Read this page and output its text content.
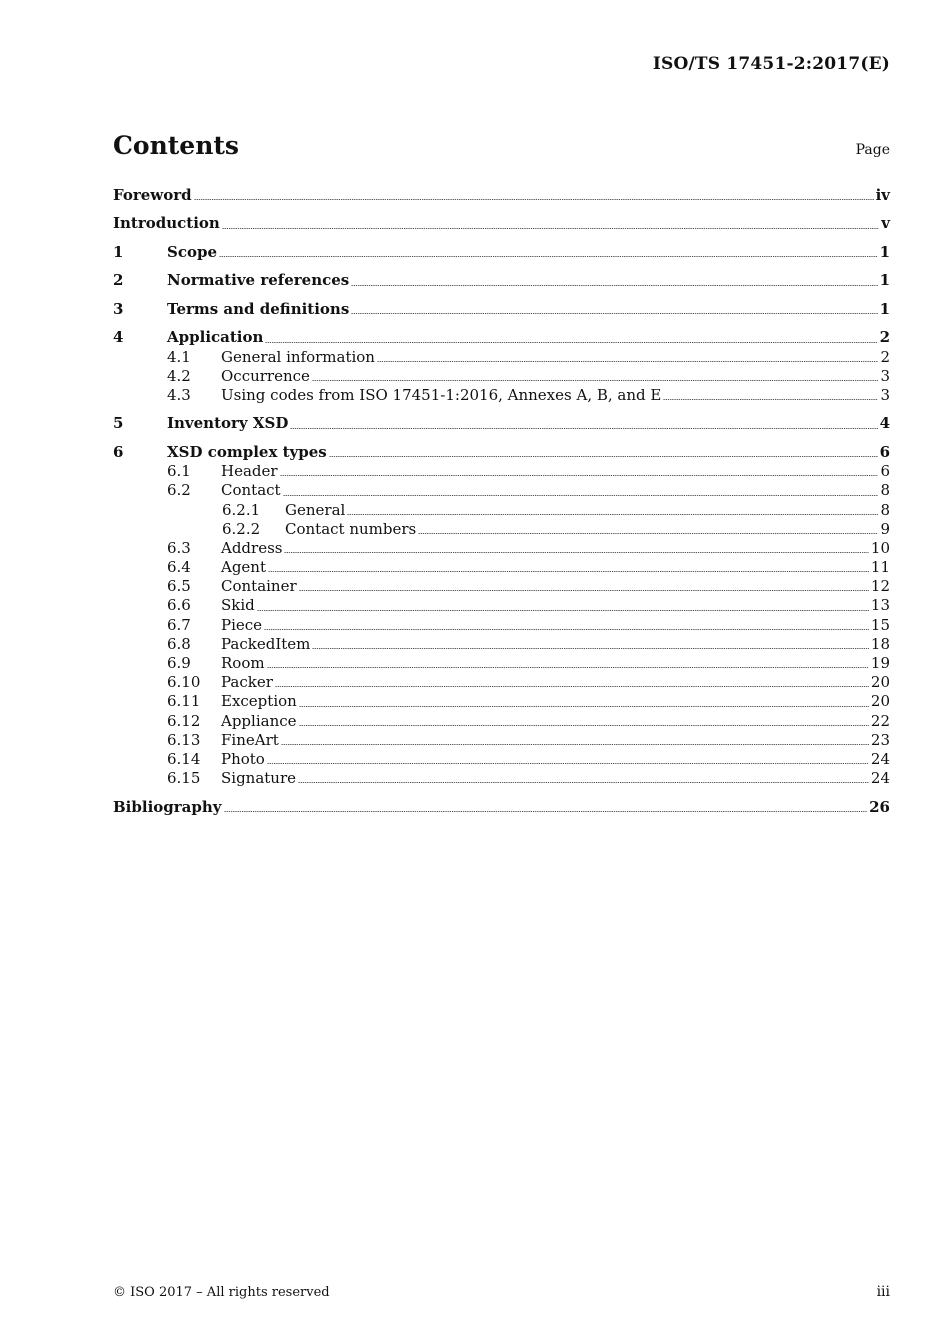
ISO/TS 17451-2:2017(E)
Contents	Page
Foreword	iv
Introduction	v
1	Scope	1
2	Normative references	1
3	Terms and definitions	1
4	Application	2
4.1	General information	2
4.2	Occurrence	3
4.3	Using codes from ISO 17451-1:2016, Annexes A, B, and E	3
5	Inventory XSD	4
6	XSD complex types	6
6.1	Header	6
6.2	Contact	8
6.2.1	General	8
6.2.2	Contact numbers	9
6.3	Address	10
6.4	Agent	11
6.5	Container	12
6.6	Skid	13
6.7	Piece	15
6.8	PackedItem	18
6.9	Room	19
6.10	Packer	20
6.11	Exception	20
6.12	Appliance	22
6.13	FineArt	23
6.14	Photo	24
6.15	Signature	24
Bibliography	26
© ISO 2017 – All rights reserved	iii
